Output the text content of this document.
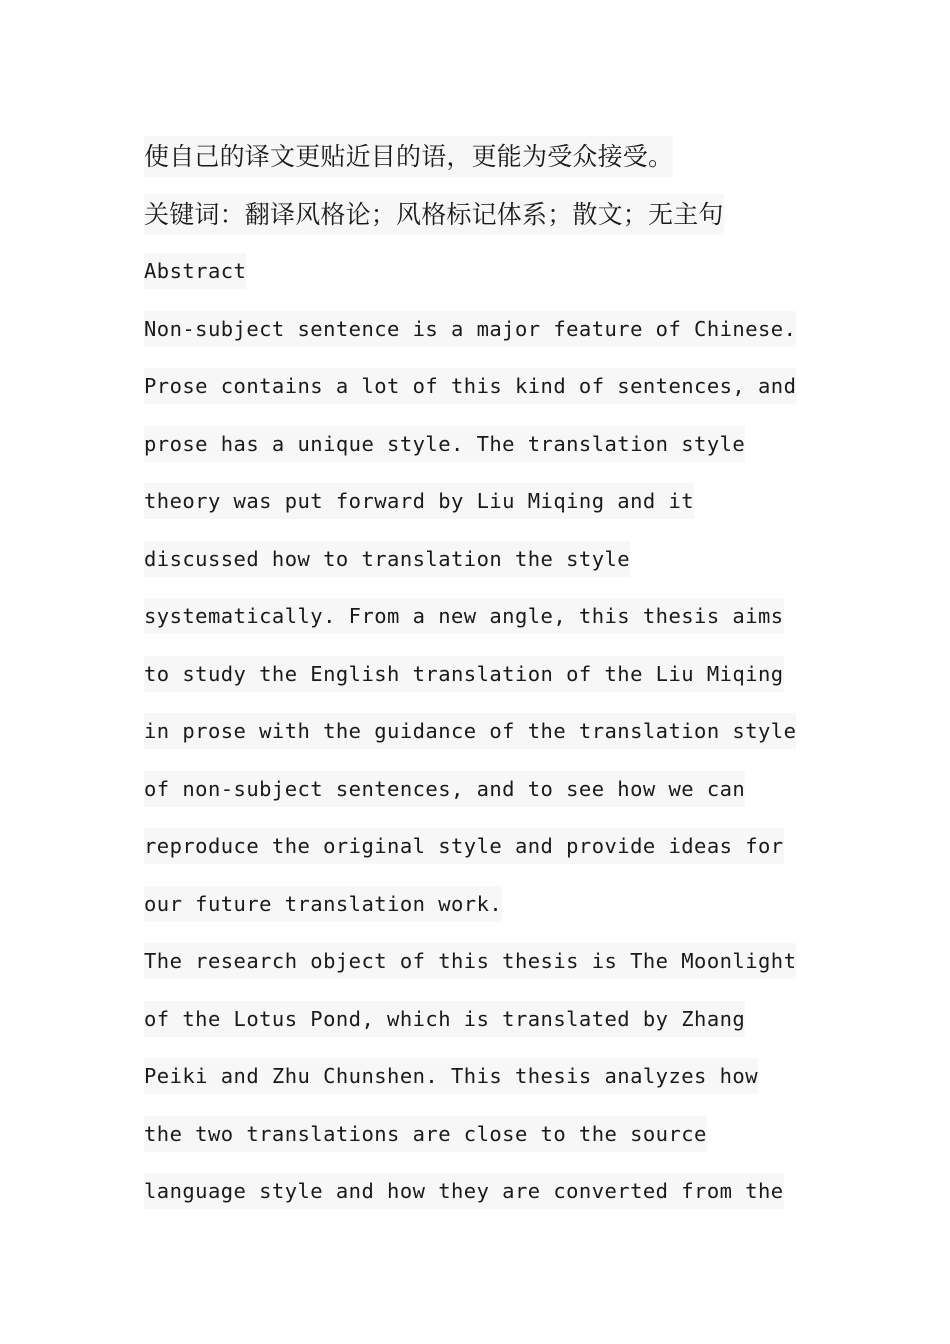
使自己的译文更贴近目的语，更能为受众接受。
关键词：翻译风格论；风格标记体系；散文；无主句
Abstract
Non-subject sentence is a major feature of Chinese.
Prose contains a lot of this kind of sentences, and
prose has a unique style. The translation style
theory was put forward by Liu Miqing and it
discussed how to translation the style
systematically. From a new angle, this thesis aims
to study the English translation of the Liu Miqing
in prose with the guidance of the translation style
of non-subject sentences, and to see how we can
reproduce the original style and provide ideas for
our future translation work.
The research object of this thesis is The Moonlight
of the Lotus Pond, which is translated by Zhang
Peiki and Zhu Chunshen. This thesis analyzes how
the two translations are close to the source
language style and how they are converted from the
